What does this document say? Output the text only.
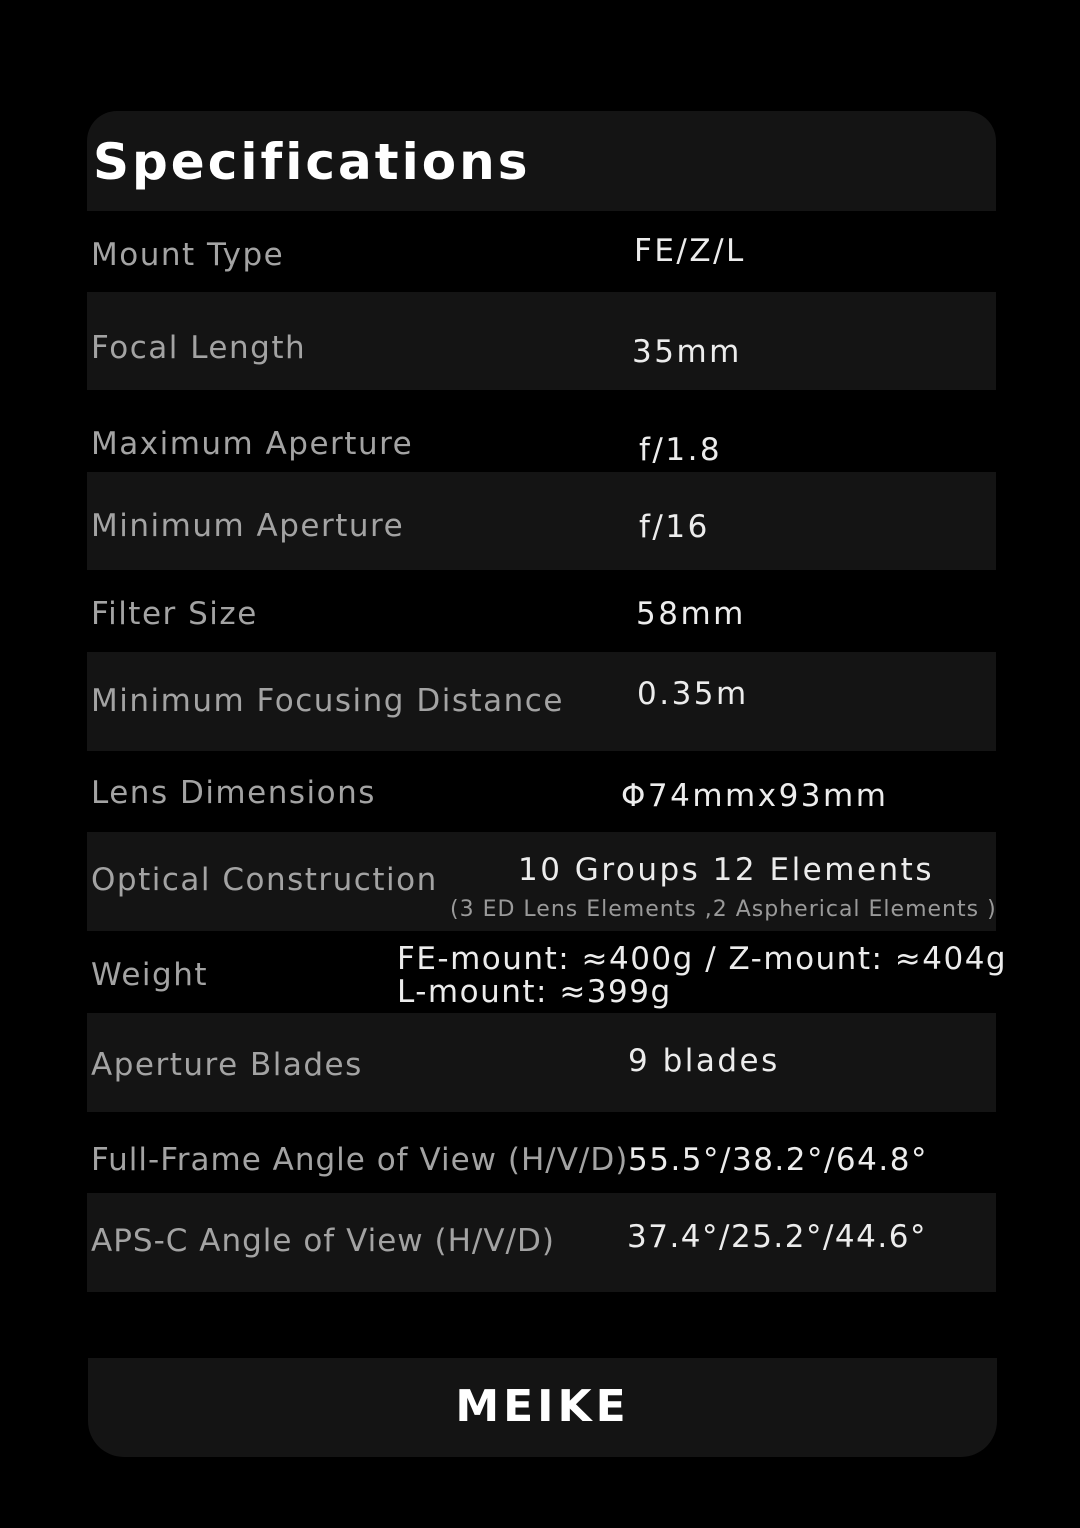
Specifications
Mount Type	FE/Z/L
Focal Length	35mm
Maximum Aperture	f/1.8
Minimum Aperture	f/16
Filter Size	58mm
Minimum Focusing Distance 0.35m
Lens Dimensions	Φ74mmx93mm
Optical Construction	10 Groups 12 Elements
(3 ED Lens Elements ,2 Aspherical Elements )
Weight	FE-mount: ≈400g / Z-mount: ≈404g
L-mount: ≈399g
Aperture Blades	9 blades
Full-Frame Angle of View (H/V/D) 55.5°/38.2°/64.8°
APS-C Angle of View (H/V/D) 37.4°/25.2°/44.6°
MEIKE
